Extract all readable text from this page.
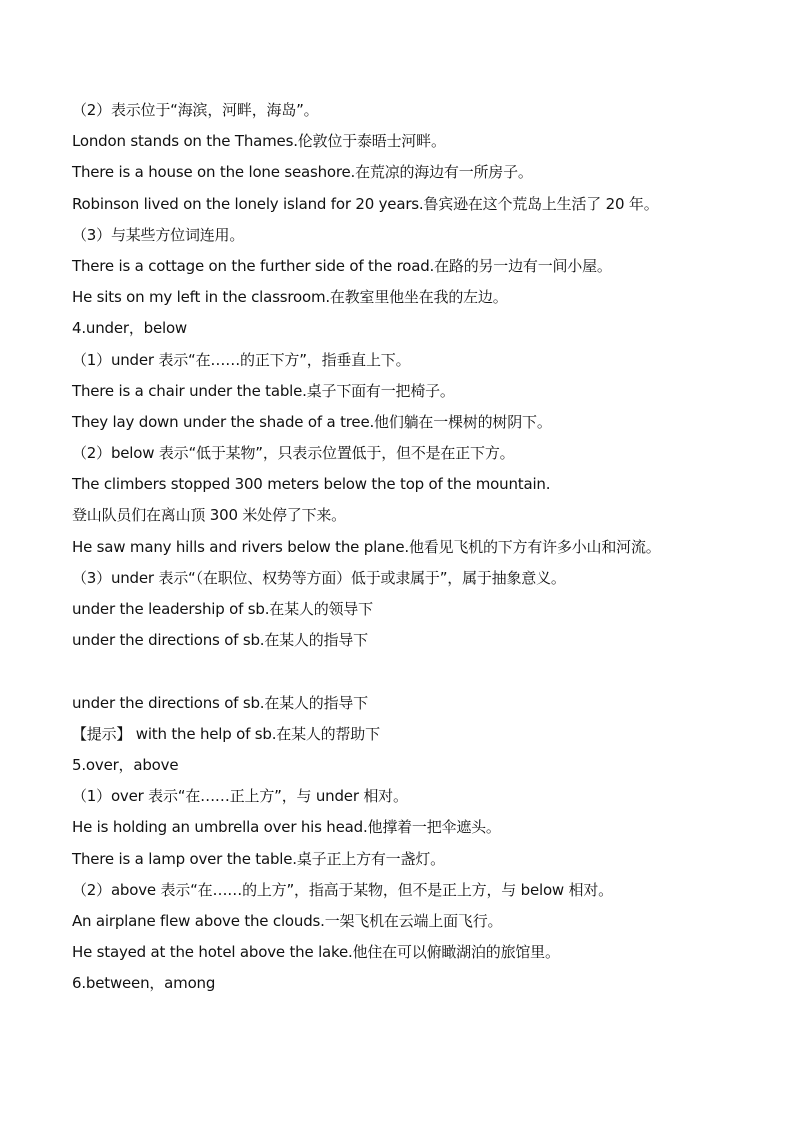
（2）表示位于“海滨，河畔，海岛”。
London stands on the Thames.伦敦位于泰晤士河畔。
There is a house on the lone seashore.在荒凉的海边有一所房子。
Robinson lived on the lonely island for 20 years.鲁宾逊在这个荒岛上生活了 20 年。
（3）与某些方位词连用。
There is a cottage on the further side of the road.在路的另一边有一间小屋。
He sits on my left in the classroom.在教室里他坐在我的左边。
4.under，below
（1）under 表示“在……的正下方”，指垂直上下。
There is a chair under the table.桌子下面有一把椅子。
They lay down under the shade of a tree.他们躺在一棵树的树阴下。
（2）below 表示“低于某物”，只表示位置低于，但不是在正下方。
The climbers stopped 300 meters below the top of the mountain.
登山队员们在离山顶 300 米处停了下来。
He saw many hills and rivers below the plane.他看见飞机的下方有许多小山和河流。
（3）under 表示“（在职位、权势等方面）低于或隶属于”，属于抽象意义。
under the leadership of sb.在某人的领导下
under the directions of sb.在某人的指导下
under the directions of sb.在某人的指导下
【提示】 with the help of sb.在某人的帮助下
5.over，above
（1）over 表示“在……正上方”，与 under 相对。
He is holding an umbrella over his head.他撑着一把伞遮头。
There is a lamp over the table.桌子正上方有一盏灯。
（2）above 表示“在……的上方”，指高于某物，但不是正上方，与 below 相对。
An airplane flew above the clouds.一架飞机在云端上面飞行。
He stayed at the hotel above the lake.他住在可以俯瞰湖泊的旅馆里。
6.between，among
